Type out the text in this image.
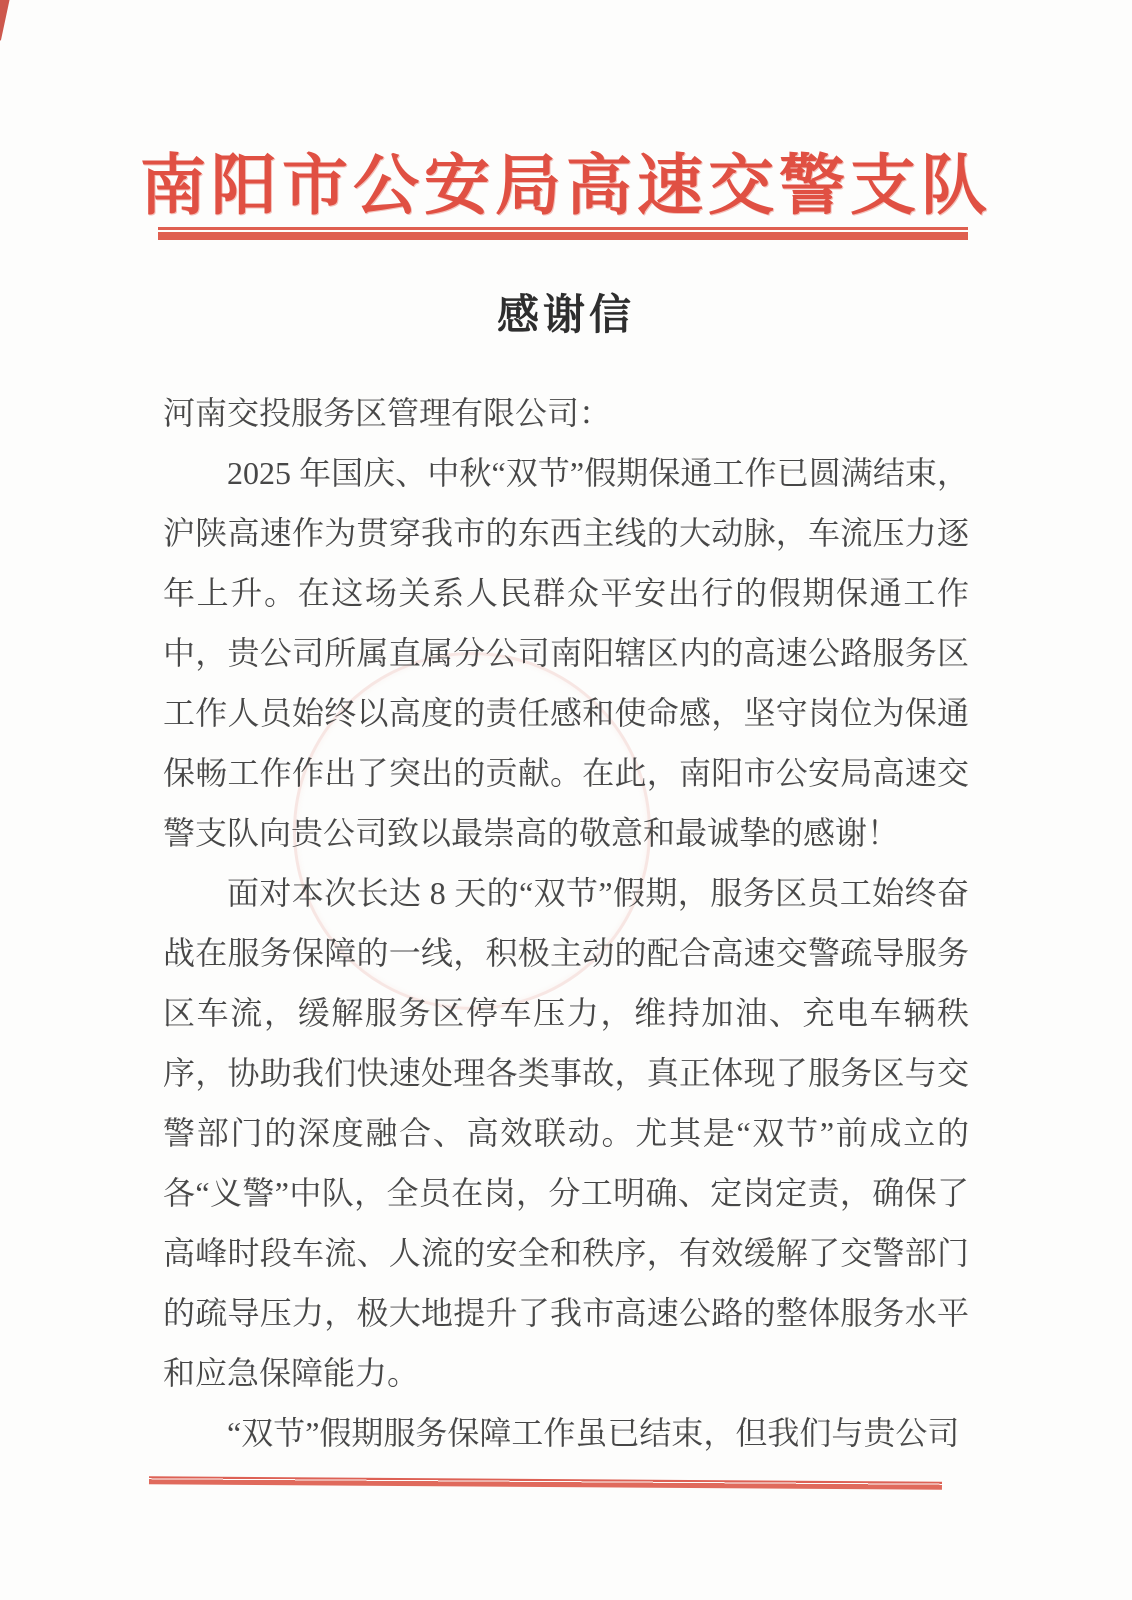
南阳市公安局高速交警支队
感谢信

河南交投服务区管理有限公司：

2025 年国庆、中秋“双节”假期保通工作已圆满结束，沪陕高速作为贯穿我市的东西主线的大动脉，车流压力逐年上升。在这场关系人民群众平安出行的假期保通工作中，贵公司所属直属分公司南阳辖区内的高速公路服务区工作人员始终以高度的责任感和使命感，坚守岗位为保通保畅工作作出了突出的贡献。在此，南阳市公安局高速交警支队向贵公司致以最崇高的敬意和最诚挚的感谢！

面对本次长达 8 天的“双节”假期，服务区员工始终奋战在服务保障的一线，积极主动的配合高速交警疏导服务区车流，缓解服务区停车压力，维持加油、充电车辆秩序，协助我们快速处理各类事故，真正体现了服务区与交警部门的深度融合、高效联动。尤其是“双节”前成立的各“义警”中队，全员在岗，分工明确、定岗定责，确保了高峰时段车流、人流的安全和秩序，有效缓解了交警部门的疏导压力，极大地提升了我市高速公路的整体服务水平和应急保障能力。

“双节”假期服务保障工作虽已结束，但我们与贵公司
